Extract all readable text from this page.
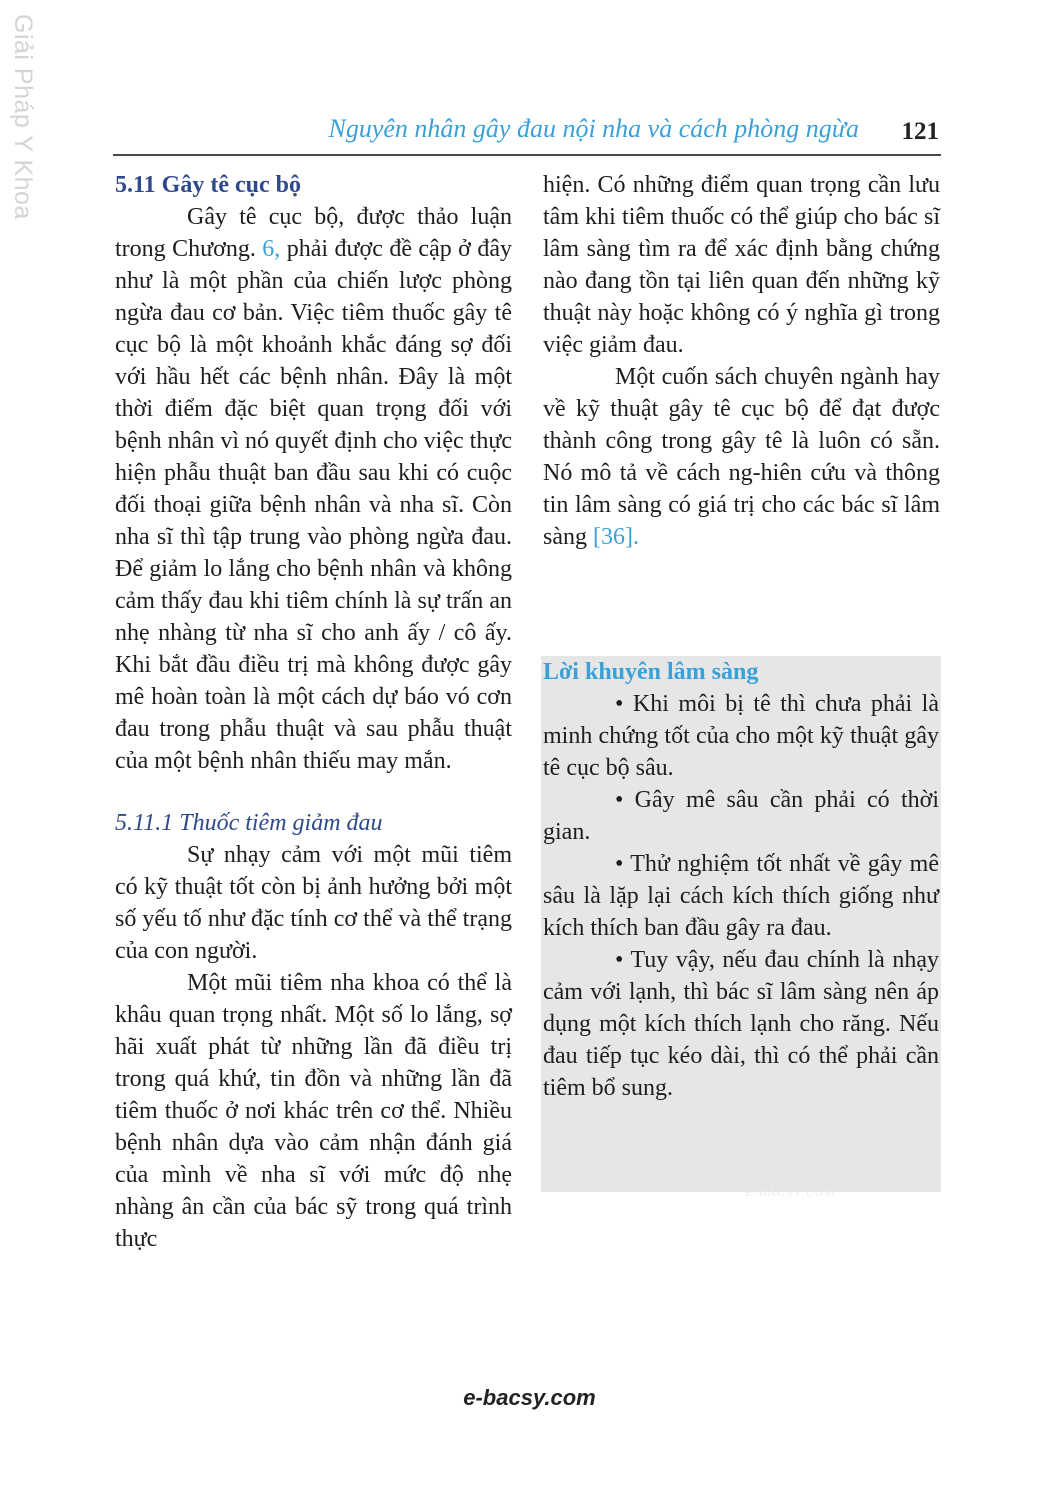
Giải Pháp Y Khoa	Nguyên nhân gây đau nội nha và cách phòng ngừa 121
5.11 Gây tê cục bộ

Gây tê cục bộ, được thảo luận trong Chương. 6, phải được đề cập ở đây như là một phần của chiến lược phòng ngừa đau cơ bản. Việc tiêm thuốc gây tê cục bộ là một khoảnh khắc đáng sợ đối với hầu hết các bệnh nhân. Đây là một thời điểm đặc biệt quan trọng đối với bệnh nhân vì nó quyết định cho việc thực hiện phẫu thuật ban đầu sau khi có cuộc đối thoại giữa bệnh nhân và nha sĩ. Còn nha sĩ thì tập trung vào phòng ngừa đau. Để giảm lo lắng cho bệnh nhân và không cảm thấy đau khi tiêm chính là sự trấn an nhẹ nhàng từ nha sĩ cho anh ấy / cô ấy. Khi bắt đầu điều trị mà không được gây mê hoàn toàn là một cách dự báo vó cơn đau trong phẫu thuật và sau phẫu thuật của một bệnh nhân thiếu may mắn.

5.11.1 Thuốc tiêm giảm đau

Sự nhạy cảm với một mũi tiêm có kỹ thuật tốt còn bị ảnh hưởng bởi một số yếu tố như đặc tính cơ thể và thể trạng của con người.

Một mũi tiêm nha khoa có thể là khâu quan trọng nhất. Một số lo lắng, sợ hãi xuất phát từ những lần đã điều trị trong quá khứ, tin đồn và những lần đã tiêm thuốc ở nơi khác trên cơ thể. Nhiều bệnh nhân dựa vào cảm nhận đánh giá của mình về nha sĩ với mức độ nhẹ nhàng ân cần của bác sỹ trong quá trình thực

hiện. Có những điểm quan trọng cần lưu tâm khi tiêm thuốc có thể giúp cho bác sĩ lâm sàng tìm ra để xác định bằng chứng nào đang tồn tại liên quan đến những kỹ thuật này hoặc không có ý nghĩa gì trong việc giảm đau.

Một cuốn sách chuyên ngành hay về kỹ thuật gây tê cục bộ để đạt được thành công trong gây tê là luôn có sẵn. Nó mô tả về cách ng-hiên cứu và thông tin lâm sàng có giá trị cho các bác sĩ lâm sàng [36].

Lời khuyên lâm sàng

• Khi môi bị tê thì chưa phải là minh chứng tốt của cho một kỹ thuật gây tê cục bộ sâu.

• Gây mê sâu cần phải có thời gian.

• Thử nghiệm tốt nhất về gây mê sâu là lặp lại cách kích thích giống như kích thích ban đầu gây ra đau.

• Tuy vậy, nếu đau chính là nhạy cảm với lạnh, thì bác sĩ lâm sàng nên áp dụng một kích thích lạnh cho răng. Nếu đau tiếp tục kéo dài, thì có thể phải cần tiêm bổ sung.

E-BACSY.COM
e-bacsy.com
